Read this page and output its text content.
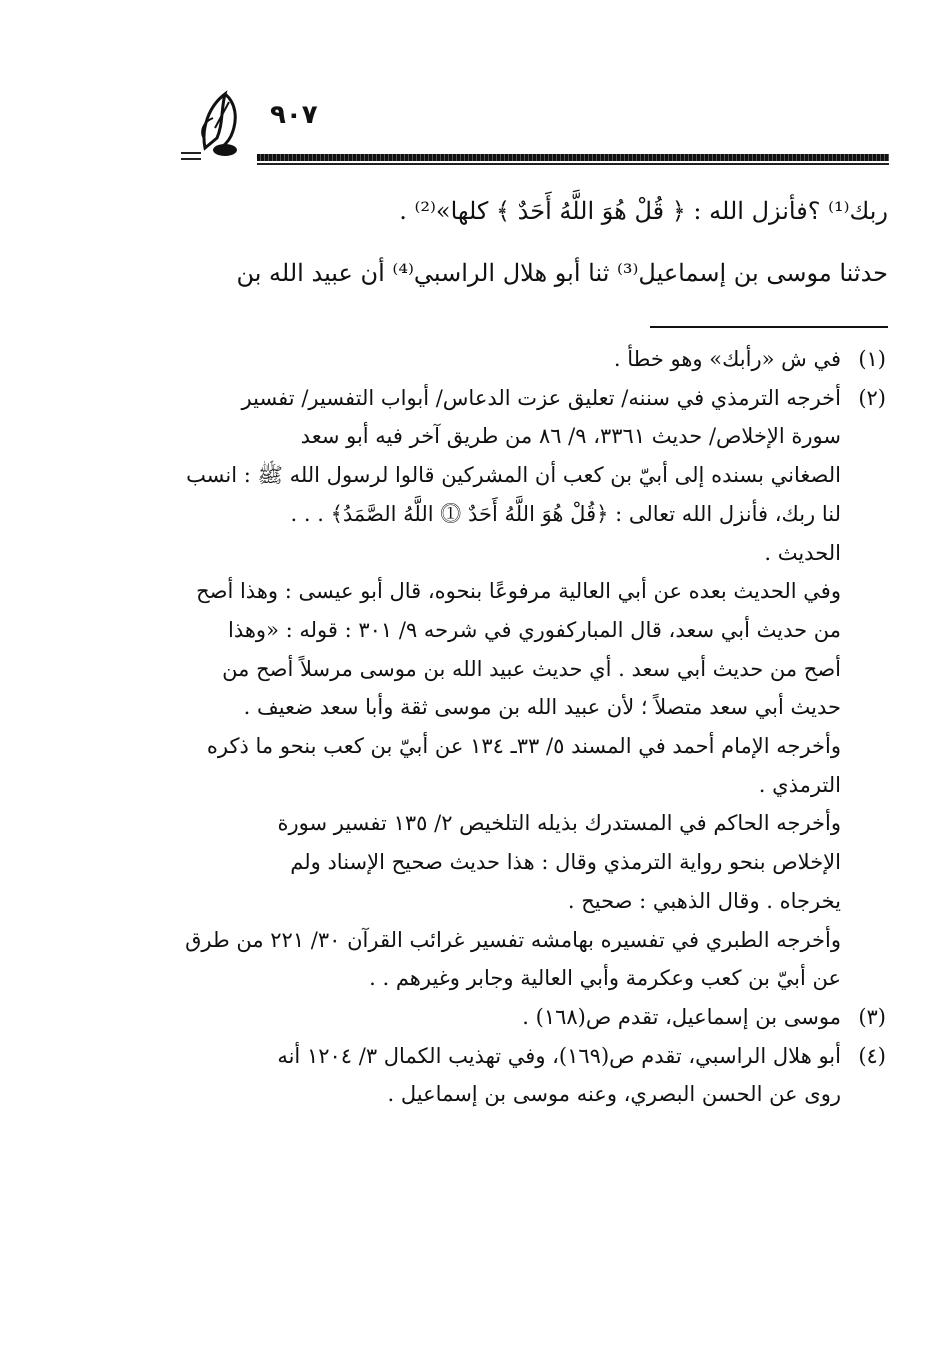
٩٠٧

ربك⁽¹⁾ ؟فأنزل الله : ﴿ قُلْ هُوَ اللَّهُ أَحَدٌ ﴾ كلها»⁽²⁾ .

حدثنا موسى بن إسماعيل⁽³⁾ ثنا أبو هلال الراسبي⁽⁴⁾ أن عبيد الله بن

(١)

في ش «رأبك» وهو خطأ .

(٢)

أخرجه الترمذي في سننه/ تعليق عزت الدعاس/ أبواب التفسير/ تفسير

سورة الإخلاص/ حديث ٣٣٦١، ٩/ ٨٦ من طريق آخر فيه أبو سعد

الصغاني بسنده إلى أبيّ بن كعب أن المشركين قالوا لرسول الله ﷺ : انسب

لنا ربك، فأنزل الله تعالى : ﴿قُلْ هُوَ اللَّهُ أَحَدٌ ⓵ اللَّهُ الصَّمَدُ﴾ . . .

الحديث .

وفي الحديث بعده عن أبي العالية مرفوعًا بنحوه، قال أبو عيسى : وهذا أصح

من حديث أبي سعد، قال المباركفوري في شرحه ٩/ ٣٠١ : قوله : «وهذا

أصح من حديث أبي سعد . أي حديث عبيد الله بن موسى مرسلاً أصح من

حديث أبي سعد متصلاً ؛ لأن عبيد الله بن موسى ثقة وأبا سعد ضعيف .

وأخرجه الإمام أحمد في المسند ٥/ ٣٣ـ ١٣٤ عن أبيّ بن كعب بنحو ما ذكره

الترمذي .

وأخرجه الحاكم في المستدرك بذيله التلخيص ٢/ ١٣٥ تفسير سورة

الإخلاص بنحو رواية الترمذي وقال : هذا حديث صحيح الإسناد ولم

يخرجاه . وقال الذهبي : صحيح .

وأخرجه الطبري في تفسيره بهامشه تفسير غرائب القرآن ٣٠/ ٢٢١ من طرق

عن أبيّ بن كعب وعكرمة وأبي العالية وجابر وغيرهم . .

(٣)

موسى بن إسماعيل، تقدم ص(١٦٨) .

(٤)

أبو هلال الراسبي، تقدم ص(١٦٩)، وفي تهذيب الكمال ٣/ ١٢٠٤ أنه

روى عن الحسن البصري، وعنه موسى بن إسماعيل .
